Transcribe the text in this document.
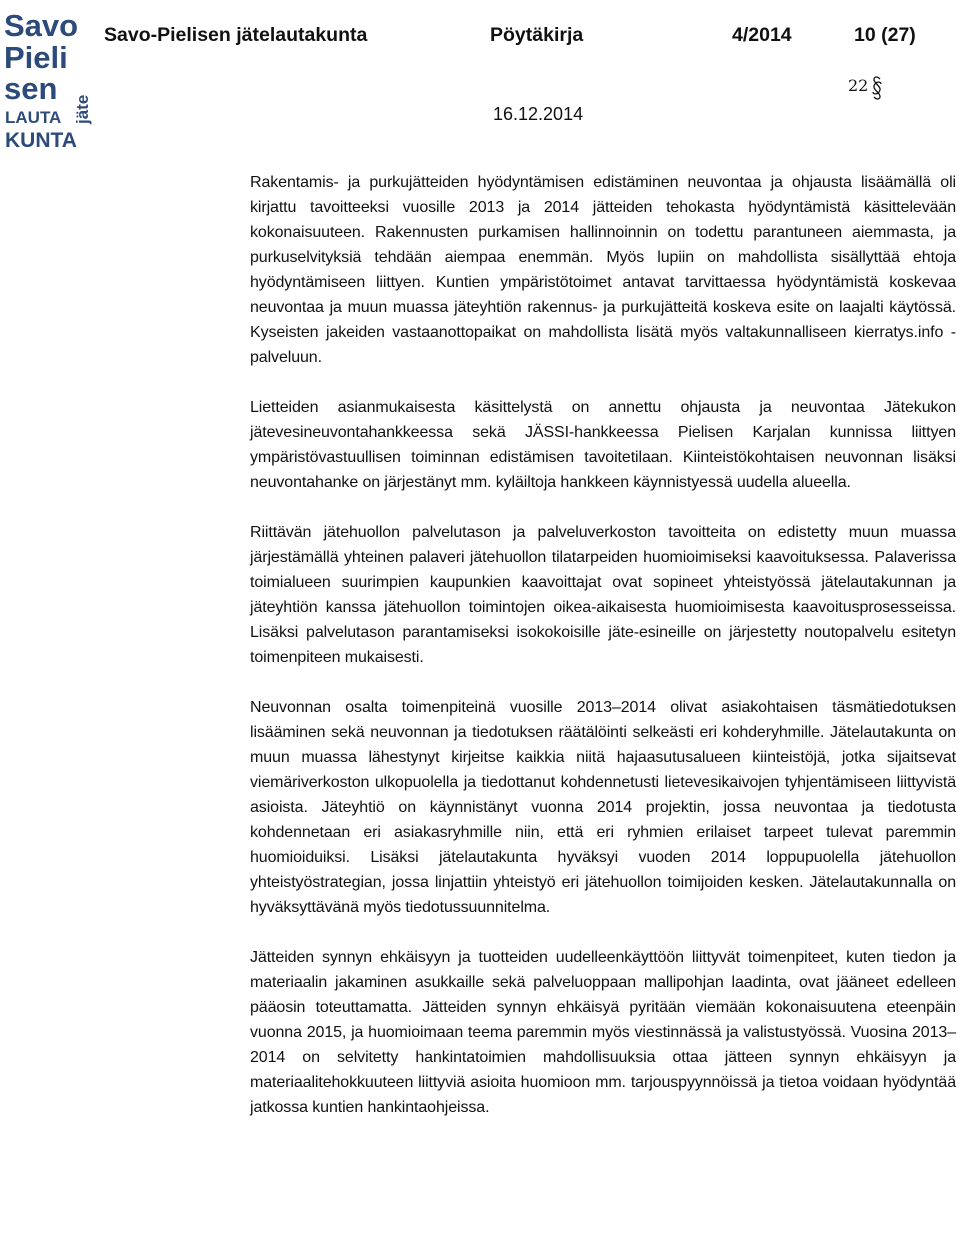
Savo
Pieli
sen
LAUTA
KUNTA
jäte
Savo-Pielisen jätelautakunta	Pöytäkirja	4/2014	10 (27)
22
16.12.2014

Rakentamis- ja purkujätteiden hyödyntämisen edistäminen neuvontaa ja ohjausta lisäämällä oli kirjattu tavoitteeksi vuosille 2013 ja 2014 jätteiden tehokasta hyödyntämistä käsittelevään kokonaisuuteen. Rakennusten purkamisen hallinnoinnin on todettu parantuneen aiemmasta, ja purkuselvityksiä tehdään aiempaa enemmän. Myös lupiin on mahdollista sisällyttää ehtoja hyödyntämiseen liittyen. Kuntien ympäristötoimet antavat tarvittaessa hyödyntämistä koskevaa neuvontaa ja muun muassa jäteyhtiön rakennus- ja purkujätteitä koskeva esite on laajalti käytössä. Kyseisten jakeiden vastaanottopaikat on mahdollista lisätä myös valtakunnalliseen kierratys.info -palveluun.

Lietteiden asianmukaisesta käsittelystä on annettu ohjausta ja neuvontaa Jätekukon jätevesineuvontahankkeessa sekä JÄSSI-hankkeessa Pielisen Karjalan kunnissa liittyen ympäristövastuullisen toiminnan edistämisen tavoitetilaan. Kiinteistökohtaisen neuvonnan lisäksi neuvontahanke on järjestänyt mm. kyläiltoja hankkeen käynnistyessä uudella alueella.

Riittävän jätehuollon palvelutason ja palveluverkoston tavoitteita on edistetty muun muassa järjestämällä yhteinen palaveri jätehuollon tilatarpeiden huomioimiseksi kaavoituksessa. Palaverissa toimialueen suurimpien kaupunkien kaavoittajat ovat sopineet yhteistyössä jätelautakunnan ja jäteyhtiön kanssa jätehuollon toimintojen oikea-aikaisesta huomioimisesta kaavoitusprosesseissa. Lisäksi palvelutason parantamiseksi isokokoisille jäte-esineille on järjestetty noutopalvelu esitetyn toimenpiteen mukaisesti.

Neuvonnan osalta toimenpiteinä vuosille 2013–2014 olivat asiakohtaisen täsmätiedotuksen lisääminen sekä neuvonnan ja tiedotuksen räätälöinti selkeästi eri kohderyhmille. Jätelautakunta on muun muassa lähestynyt kirjeitse kaikkia niitä hajaasutusalueen kiinteistöjä, jotka sijaitsevat viemäriverkoston ulkopuolella ja tiedottanut kohdennetusti lietevesikaivojen tyhjentämiseen liittyvistä asioista. Jäteyhtiö on käynnistänyt vuonna 2014 projektin, jossa neuvontaa ja tiedotusta kohdennetaan eri asiakasryhmille niin, että eri ryhmien erilaiset tarpeet tulevat paremmin huomioiduiksi. Lisäksi jätelautakunta hyväksyi vuoden 2014 loppupuolella jätehuollon yhteistyöstrategian, jossa linjattiin yhteistyö eri jätehuollon toimijoiden kesken. Jätelautakunnalla on hyväksyttävänä myös tiedotussuunnitelma.

Jätteiden synnyn ehkäisyyn ja tuotteiden uudelleenkäyttöön liittyvät toimenpiteet, kuten tiedon ja materiaalin jakaminen asukkaille sekä palveluoppaan mallipohjan laadinta, ovat jääneet edelleen pääosin toteuttamatta. Jätteiden synnyn ehkäisyä pyritään viemään kokonaisuutena eteenpäin vuonna 2015, ja huomioimaan teema paremmin myös viestinnässä ja valistustyössä. Vuosina 2013–2014 on selvitetty hankintatoimien mahdollisuuksia ottaa jätteen synnyn ehkäisyyn ja materiaalitehokkuuteen liittyviä asioita huomioon mm. tarjouspyynnöissä ja tietoa voidaan hyödyntää jatkossa kuntien hankintaohjeissa.
